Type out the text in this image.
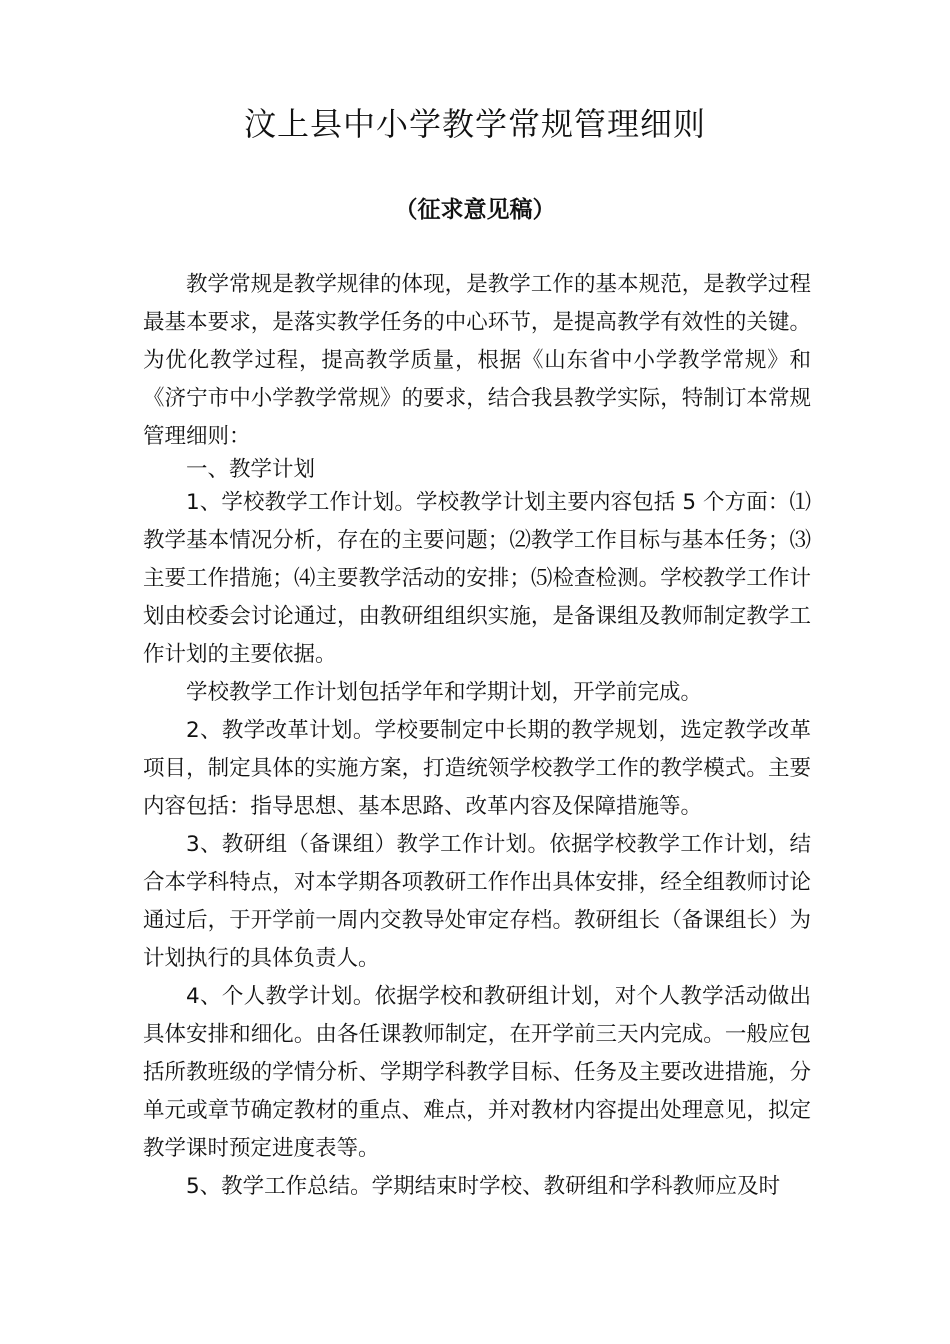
汶上县中小学教学常规管理细则
（征求意见稿）

教学常规是教学规律的体现，是教学工作的基本规范，是教学过程最基本要求，是落实教学任务的中心环节，是提高教学有效性的关键。为优化教学过程，提高教学质量，根据《山东省中小学教学常规》和《济宁市中小学教学常规》的要求，结合我县教学实际，特制订本常规管理细则：

一、教学计划

1、学校教学工作计划。学校教学计划主要内容包括 5 个方面：⑴教学基本情况分析，存在的主要问题；⑵教学工作目标与基本任务；⑶主要工作措施；⑷主要教学活动的安排；⑸检查检测。学校教学工作计划由校委会讨论通过，由教研组组织实施，是备课组及教师制定教学工作计划的主要依据。

学校教学工作计划包括学年和学期计划，开学前完成。

2、教学改革计划。学校要制定中长期的教学规划，选定教学改革项目，制定具体的实施方案，打造统领学校教学工作的教学模式。主要内容包括：指导思想、基本思路、改革内容及保障措施等。

3、教研组（备课组）教学工作计划。依据学校教学工作计划，结合本学科特点，对本学期各项教研工作作出具体安排，经全组教师讨论通过后，于开学前一周内交教导处审定存档。教研组长（备课组长）为计划执行的具体负责人。

4、个人教学计划。依据学校和教研组计划，对个人教学活动做出具体安排和细化。由各任课教师制定，在开学前三天内完成。一般应包括所教班级的学情分析、学期学科教学目标、任务及主要改进措施，分单元或章节确定教材的重点、难点，并对教材内容提出处理意见，拟定教学课时预定进度表等。

5、教学工作总结。学期结束时学校、教研组和学科教师应及时
